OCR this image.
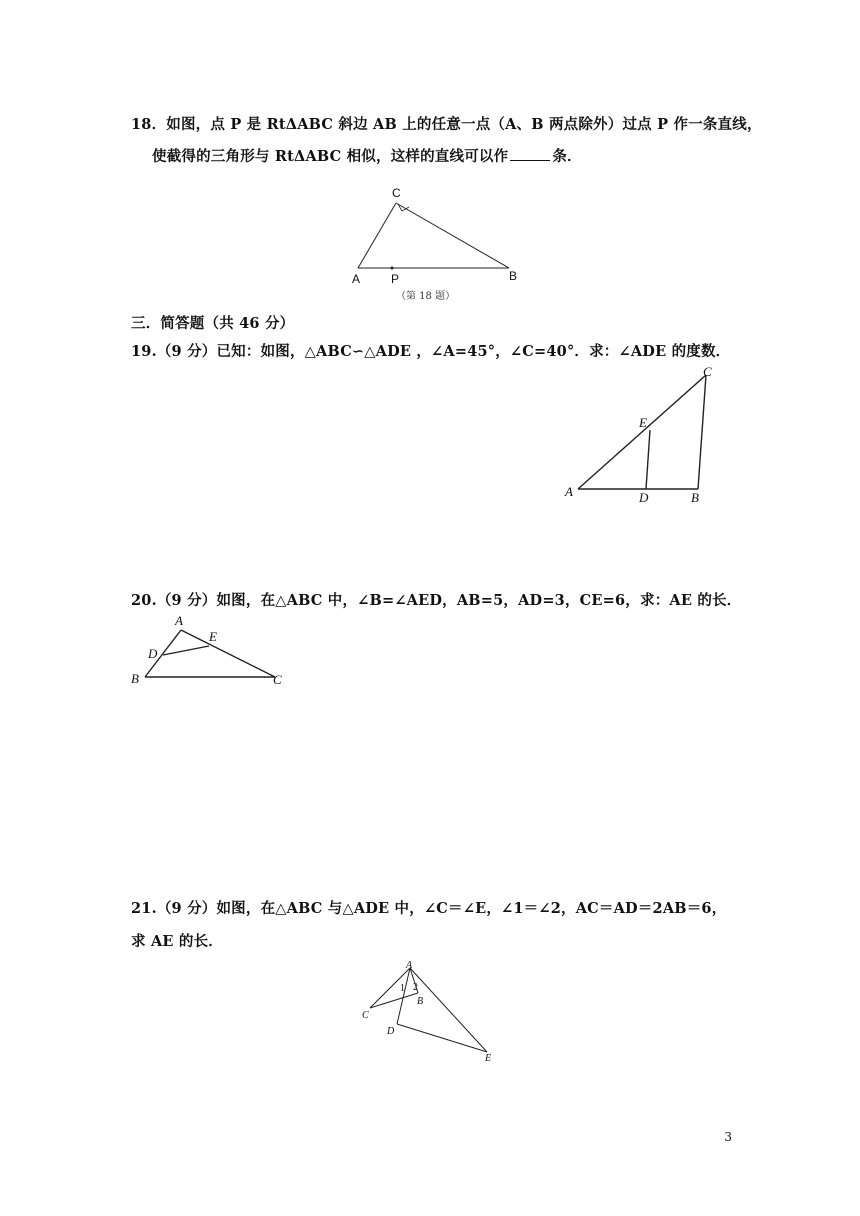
18．如图，点 P 是 RtΔABC 斜边 AB 上的任意一点（A、B 两点除外）过点 P 作一条直线，
使截得的三角形与 RtΔABC 相似，这样的直线可以作	条．
C
A	P	B
（第 18 题）
三．简答题（共 46 分）
19.（9 分）已知：如图，△ABC∽△ADE ，∠A=45°，∠C=40°．求：∠ADE 的度数．
C
E
A	D	B
20.（9 分）如图，在△ABC 中，∠B=∠AED，AB=5，AD=3，CE=6，求：AE 的长．
A
E
D
B	C
21.（9 分）如图，在△ABC 与△ADE 中，∠C＝∠E，∠1＝∠2，AC＝AD＝2AB＝6，
求 AE 的长．
A
1 2
B
C
D
E
3
